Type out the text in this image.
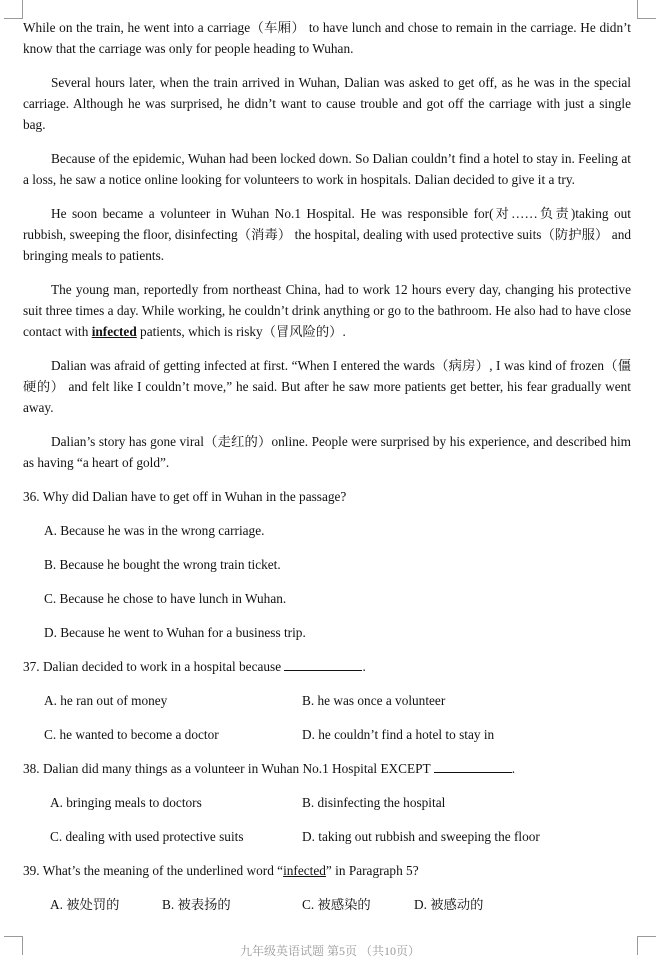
While on the train, he went into a carriage（车厢） to have lunch and chose to remain in the carriage. He didn’t know that the carriage was only for people heading to Wuhan.

Several hours later, when the train arrived in Wuhan, Dalian was asked to get off, as he was in the special carriage. Although he was surprised, he didn’t want to cause trouble and got off the carriage with just a single bag.

Because of the epidemic, Wuhan had been locked down. So Dalian couldn’t find a hotel to stay in. Feeling at a loss, he saw a notice online looking for volunteers to work in hospitals. Dalian decided to give it a try.

He soon became a volunteer in Wuhan No.1 Hospital. He was responsible for(对……负责)taking out rubbish, sweeping the floor, disinfecting（消毒） the hospital, dealing with used protective suits（防护服） and bringing meals to patients.

The young man, reportedly from northeast China, had to work 12 hours every day, changing his protective suit three times a day. While working, he couldn’t drink anything or go to the bathroom. He also had to have close contact with infected patients, which is risky（冒风险的）.

Dalian was afraid of getting infected at first. “When I entered the wards（病房）, I was kind of frozen（僵硬的） and felt like I couldn’t move,” he said. But after he saw more patients get better, his fear gradually went away.

Dalian’s story has gone viral（走红的）online. People were surprised by his experience, and described him as having “a heart of gold”.

36. Why did Dalian have to get off in Wuhan in the passage?

A. Because he was in the wrong carriage.

B. Because he bought the wrong train ticket.

C. Because he chose to have lunch in Wuhan.

D. Because he went to Wuhan for a business trip.

37. Dalian decided to work in a hospital because	.

A. he ran out of money	B. he was once a volunteer
C. he wanted to become a doctor	D. he couldn’t find a hotel to stay in

38. Dalian did many things as a volunteer in Wuhan No.1 Hospital EXCEPT	.

A. bringing meals to doctors	B. disinfecting the hospital
C. dealing with used protective suits	D. taking out rubbish and sweeping the floor

39. What’s the meaning of the underlined word “infected” in Paragraph 5?

A. 被处罚的	B. 被表扬的	C. 被感染的	D. 被感动的
九年级英语试题 第5页 （共10页）
